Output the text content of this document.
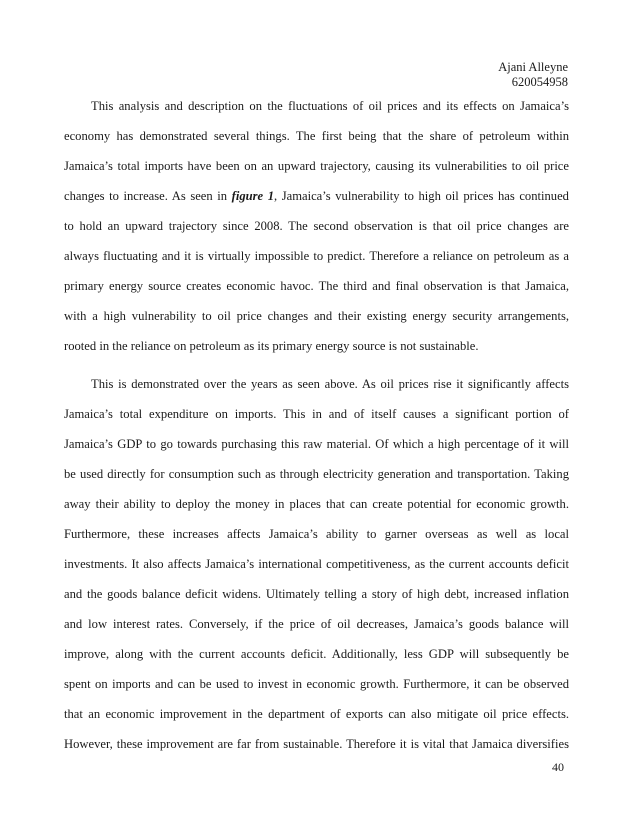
Ajani Alleyne
620054958
This analysis and description on the fluctuations of oil prices and its effects on Jamaica’s
economy has demonstrated several things. The first being that the share of petroleum within
Jamaica’s total imports have been on an upward trajectory, causing its vulnerabilities to oil price
changes to increase. As seen in figure 1, Jamaica’s vulnerability to high oil prices has continued
to hold an upward trajectory since 2008. The second observation is that oil price changes are
always fluctuating and it is virtually impossible to predict. Therefore a reliance on petroleum as a
primary energy source creates economic havoc. The third and final observation is that Jamaica,
with a high vulnerability to oil price changes and their existing energy security arrangements,
rooted in the reliance on petroleum as its primary energy source is not sustainable.
This is demonstrated over the years as seen above. As oil prices rise it significantly affects
Jamaica’s total expenditure on imports. This in and of itself causes a significant portion of
Jamaica’s GDP to go towards purchasing this raw material. Of which a high percentage of it will
be used directly for consumption such as through electricity generation and transportation. Taking
away their ability to deploy the money in places that can create potential for economic growth.
Furthermore, these increases affects Jamaica’s ability to garner overseas as well as local
investments. It also affects Jamaica’s international competitiveness, as the current accounts deficit
and the goods balance deficit widens. Ultimately telling a story of high debt, increased inflation
and low interest rates. Conversely, if the price of oil decreases, Jamaica’s goods balance will
improve, along with the current accounts deficit. Additionally, less GDP will subsequently be
spent on imports and can be used to invest in economic growth. Furthermore, it can be observed
that an economic improvement in the department of exports can also mitigate oil price effects.
However, these improvement are far from sustainable. Therefore it is vital that Jamaica diversifies
40
